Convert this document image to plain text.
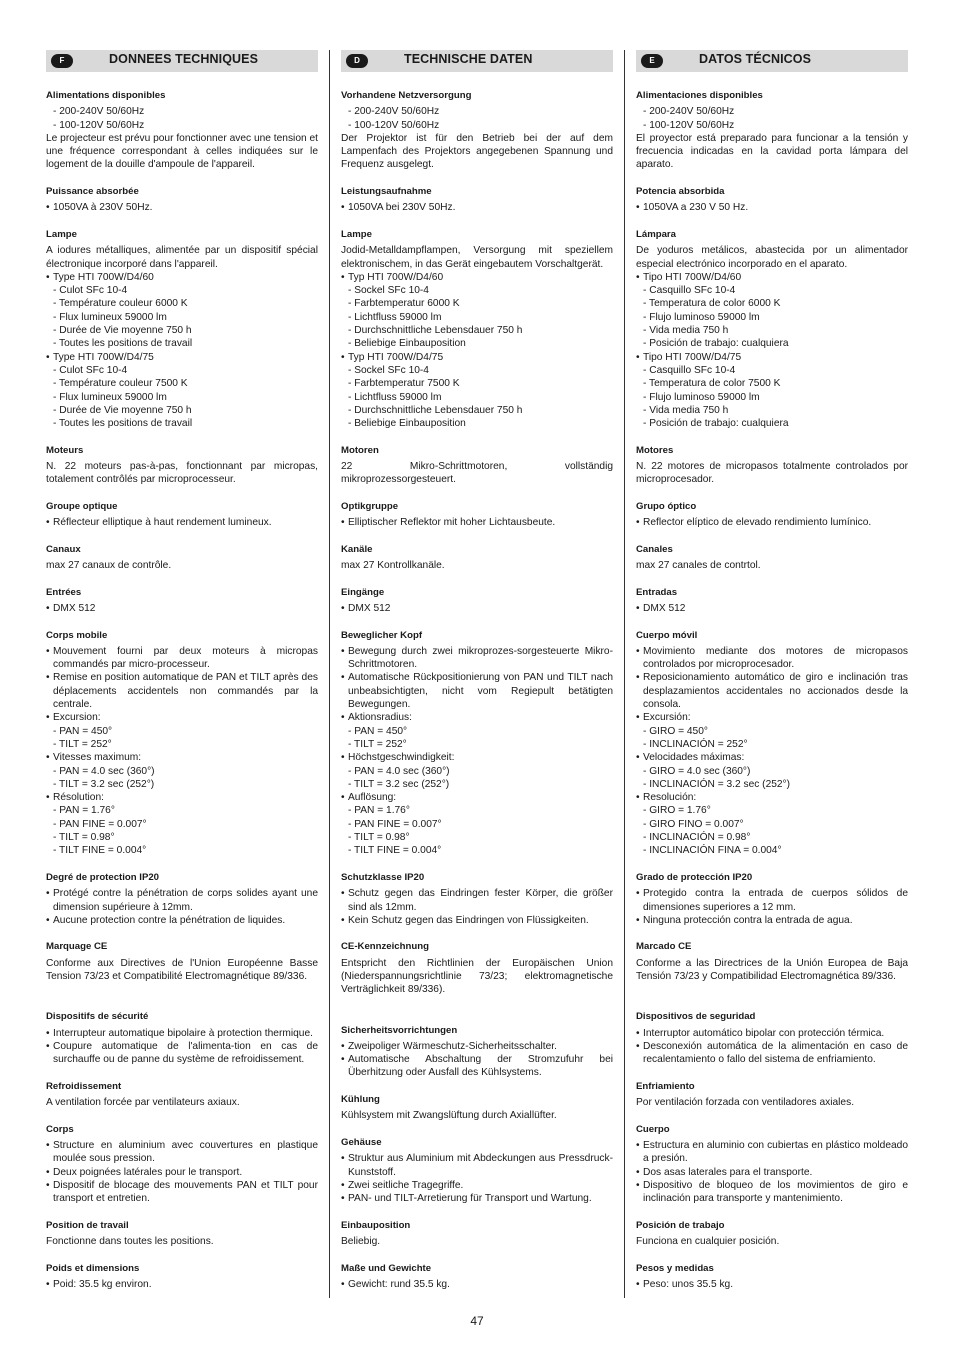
F	DONNEES TECHNIQUES
Alimentations disponibles
- 200-240V 50/60Hz
- 100-120V 50/60Hz
Le projecteur est prévu pour fonctionner avec une tension et une fréquence correspondant à celles indiquées sur le logement de la douille d'ampoule de l'appareil.
Puissance absorbée
• 1050VA à 230V 50Hz.
Lampe
A iodures métalliques, alimentée par un dispositif spécial électronique incorporé dans l'appareil.
• Type HTI 700W/D4/60
- Culot SFc 10-4
- Température couleur 6000 K
- Flux lumineux 59000 lm
- Durée de Vie moyenne 750 h
- Toutes les positions de travail
• Type HTI 700W/D4/75
- Culot SFc 10-4
- Température couleur 7500 K
- Flux lumineux 59000 lm
- Durée de Vie moyenne 750 h
- Toutes les positions de travail
Moteurs
N. 22 moteurs pas-à-pas, fonctionnant par micropas, totalement contrôlés par microprocesseur.
Groupe optique
• Réflecteur elliptique à haut rendement lumineux.
Canaux
max 27 canaux de contrôle.
Entrées
• DMX 512
Corps mobile
• Mouvement fourni par deux moteurs à micropas commandés par micro-processeur.
• Remise en position automatique de PAN et TILT après des déplacements accidentels non commandés par la centrale.
• Excursion:
- PAN = 450°
- TILT = 252°
• Vitesses maximum:
- PAN = 4.0 sec (360°)
- TILT = 3.2 sec (252°)
• Résolution:
- PAN = 1.76°
- PAN FINE = 0.007°
- TILT = 0.98°
- TILT FINE = 0.004°
Degré de protection IP20
• Protégé contre la pénétration de corps solides ayant une dimension supérieure à 12mm.
• Aucune protection contre la pénétration de liquides.
Marquage CE
Conforme aux Directives de l'Union Européenne Basse Tension 73/23 et Compatibilité Electromagnétique 89/336.
Dispositifs de sécurité
• Interrupteur automatique bipolaire à protection thermique.
• Coupure automatique de l'alimenta-tion en cas de surchauffe ou de panne du système de refroidissement.
Refroidissement
A ventilation forcée par ventilateurs axiaux.
Corps
• Structure en aluminium avec couvertures en plastique moulée sous pression.
• Deux poignées latérales pour le transport.
• Dispositif de blocage des mouvements PAN et TILT pour transport et entretien.
Position de travail
Fonctionne dans toutes les positions.
Poids et dimensions
• Poid: 35.5 kg environ.
D	TECHNISCHE DATEN
Vorhandene Netzversorgung
- 200-240V 50/60Hz
- 100-120V 50/60Hz
Der Projektor ist für den Betrieb bei der auf dem Lampenfach des Projektors angegebenen Spannung und Frequenz ausgelegt.
Leistungsaufnahme
• 1050VA bei 230V 50Hz.
Lampe
Jodid-Metalldampflampen, Versorgung mit speziellem elektronischem, in das Gerät eingebautem Vorschaltgerät.
• Typ HTI 700W/D4/60
- Sockel SFc 10-4
- Farbtemperatur 6000 K
- Lichtfluss 59000 lm
- Durchschnittliche Lebensdauer 750 h
- Beliebige Einbauposition
• Typ HTI 700W/D4/75
- Sockel SFc 10-4
- Farbtemperatur 7500 K
- Lichtfluss 59000 lm
- Durchschnittliche Lebensdauer 750 h
- Beliebige Einbauposition
Motoren
22 Mikro-Schrittmotoren, vollständig mikroprozessorgesteuert.
Optikgruppe
• Elliptischer Reflektor mit hoher Lichtausbeute.
Kanäle
max 27 Kontrollkanäle.
Eingänge
• DMX 512
Beweglicher Kopf
• Bewegung durch zwei mikroprozes-sorgesteuerte Mikro-Schrittmotoren.
• Automatische Rückpositionierung von PAN und TILT nach unbeabsichtigten, nicht vom Regiepult betätigten Bewegungen.
• Aktionsradius:
- PAN = 450°
- TILT = 252°
• Höchstgeschwindigkeit:
- PAN = 4.0 sec (360°)
- TILT = 3.2 sec (252°)
• Auflösung:
- PAN = 1.76°
- PAN FINE = 0.007°
- TILT = 0.98°
- TILT FINE = 0.004°
Schutzklasse IP20
• Schutz gegen das Eindringen fester Körper, die größer sind als 12mm.
• Kein Schutz gegen das Eindringen von Flüssigkeiten.
CE-Kennzeichnung
Entspricht den Richtlinien der Europäischen Union (Niederspannungsrichtlinie 73/23; elektromagnetische Verträglichkeit 89/336).
Sicherheitsvorrichtungen
• Zweipoliger Wärmeschutz-Sicherheitsschalter.
• Automatische Abschaltung der Stromzufuhr bei Überhitzung oder Ausfall des Kühlsystems.
Kühlung
Kühlsystem mit Zwangslüftung durch Axiallüfter.
Gehäuse
• Struktur aus Aluminium mit Abdeckungen aus Pressdruck-Kunststoff.
• Zwei seitliche Tragegriffe.
• PAN- und TILT-Arretierung für Transport und Wartung.
Einbauposition
Beliebig.
Maße und Gewichte
• Gewicht: rund 35.5 kg.
E	DATOS TÉCNICOS
Alimentaciones disponibles
- 200-240V 50/60Hz
- 100-120V 50/60Hz
El proyector está preparado para funcionar a la tensión y frecuencia indicadas en la cavidad porta lámpara del aparato.
Potencia absorbida
• 1050VA a 230 V 50 Hz.
Lámpara
De yoduros metálicos, abastecida por un alimentador especial electrónico incorporado en el aparato.
• Tipo HTI 700W/D4/60
- Casquillo SFc 10-4
- Temperatura de color 6000 K
- Flujo luminoso 59000 lm
- Vida media 750 h
- Posición de trabajo: cualquiera
• Tipo HTI 700W/D4/75
- Casquillo SFc 10-4
- Temperatura de color 7500 K
- Flujo luminoso 59000 lm
- Vida media 750 h
- Posición de trabajo: cualquiera
Motores
N. 22 motores de micropasos totalmente controlados por microprocesador.
Grupo óptico
• Reflector elíptico de elevado rendimiento lumínico.
Canales
max 27 canales de contrtol.
Entradas
• DMX 512
Cuerpo móvil
• Movimiento mediante dos motores de micropasos controlados por microprocesador.
• Reposicionamiento automático de giro e inclinación tras desplazamientos accidentales no accionados desde la consola.
• Excursión:
- GIRO = 450°
- INCLINACIÓN = 252°
• Velocidades máximas:
- GIRO = 4.0 sec (360°)
- INCLINACIÓN = 3.2 sec (252°)
• Resolución:
- GIRO = 1.76°
- GIRO FINO = 0.007°
- INCLINACIÓN = 0.98°
- INCLINACIÓN FINA = 0.004°
Grado de protección IP20
• Protegido contra la entrada de cuerpos sólidos de dimensiones superiores a 12 mm.
• Ninguna protección contra la entrada de agua.
Marcado CE
Conforme a las Directrices de la Unión Europea de Baja Tensión 73/23 y Compatibilidad Electromagnética 89/336.
Dispositivos de seguridad
• Interruptor automático bipolar con protección térmica.
• Desconexión automática de la alimentación en caso de recalentamiento o fallo del sistema de enfriamiento.
Enfriamiento
Por ventilación forzada con ventiladores axiales.
Cuerpo
• Estructura en aluminio con cubiertas en plástico moldeado a presión.
• Dos asas laterales para el transporte.
• Dispositivo de bloqueo de los movimientos de giro e inclinación para transporte y mantenimiento.
Posición de trabajo
Funciona en cualquier posición.
Pesos y medidas
• Peso: unos 35.5 kg.
47
